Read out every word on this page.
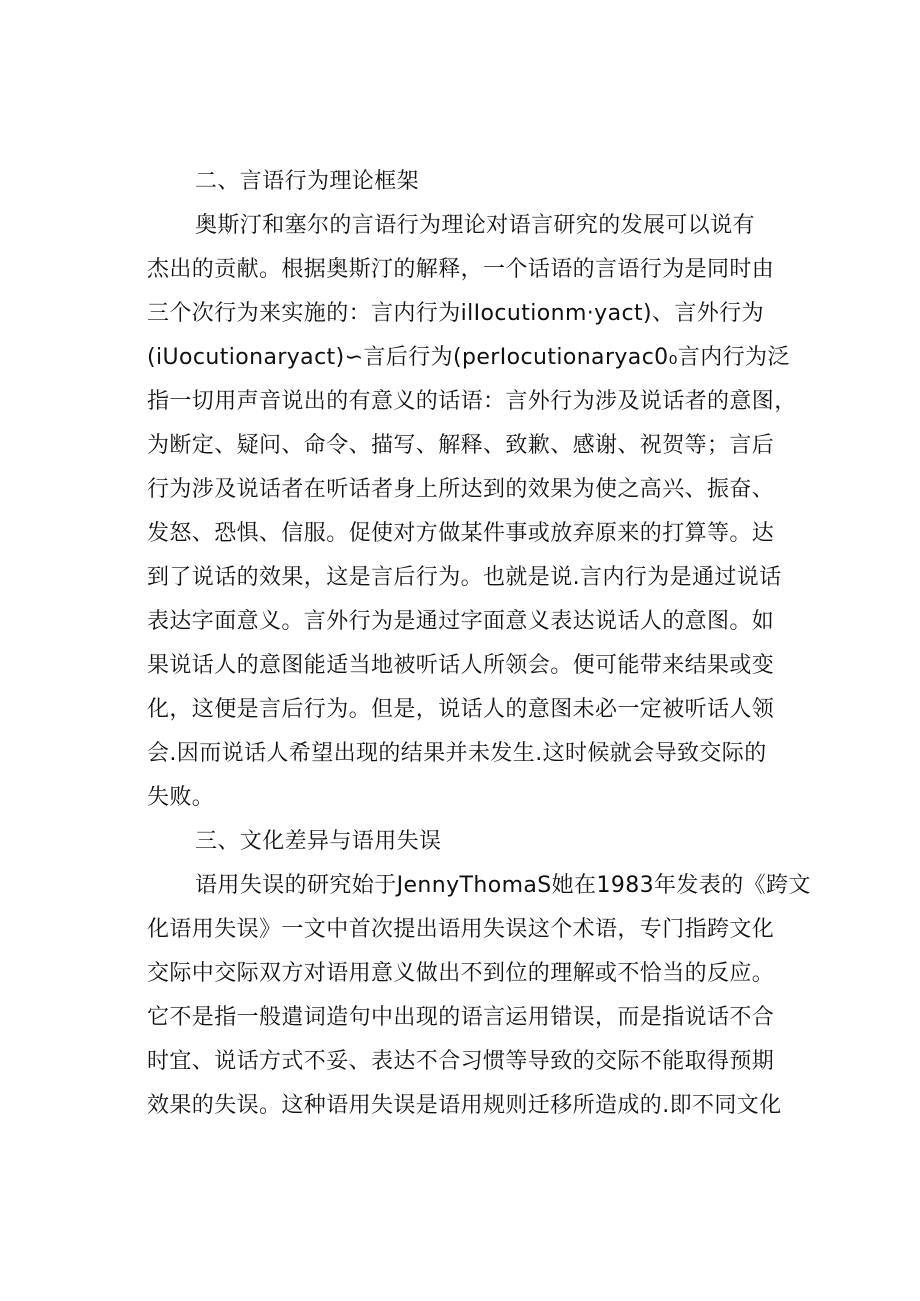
二、言语行为理论框架
奥斯汀和塞尔的言语行为理论对语言研究的发展可以说有
杰出的贡献。根据奥斯汀的解释，一个话语的言语行为是同时由
三个次行为来实施的：言内行为ilIocutionm·yact)、言外行为
(iUocutionaryact)∽言后行为(perIocutionaryac0₀言内行为泛
指一切用声音说出的有意义的话语：言外行为涉及说话者的意图，
为断定、疑问、命令、描写、解释、致歉、感谢、祝贺等；言后
行为涉及说话者在听话者身上所达到的效果为使之高兴、振奋、
发怒、恐惧、信服。促使对方做某件事或放弃原来的打算等。达
到了说话的效果，这是言后行为。也就是说.言内行为是通过说话
表达字面意义。言外行为是通过字面意义表达说话人的意图。如
果说话人的意图能适当地被听话人所领会。便可能带来结果或变
化，这便是言后行为。但是，说话人的意图未必一定被听话人领
会.因而说话人希望出现的结果并未发生.这时候就会导致交际的
失败。
三、文化差异与语用失误
语用失误的研究始于JennyThomaS她在1983年发表的《跨文
化语用失误》一文中首次提出语用失误这个术语，专门指跨文化
交际中交际双方对语用意义做出不到位的理解或不恰当的反应。
它不是指一般遣词造句中出现的语言运用错误，而是指说话不合
时宜、说话方式不妥、表达不合习惯等导致的交际不能取得预期
效果的失误。这种语用失误是语用规则迁移所造成的.即不同文化
